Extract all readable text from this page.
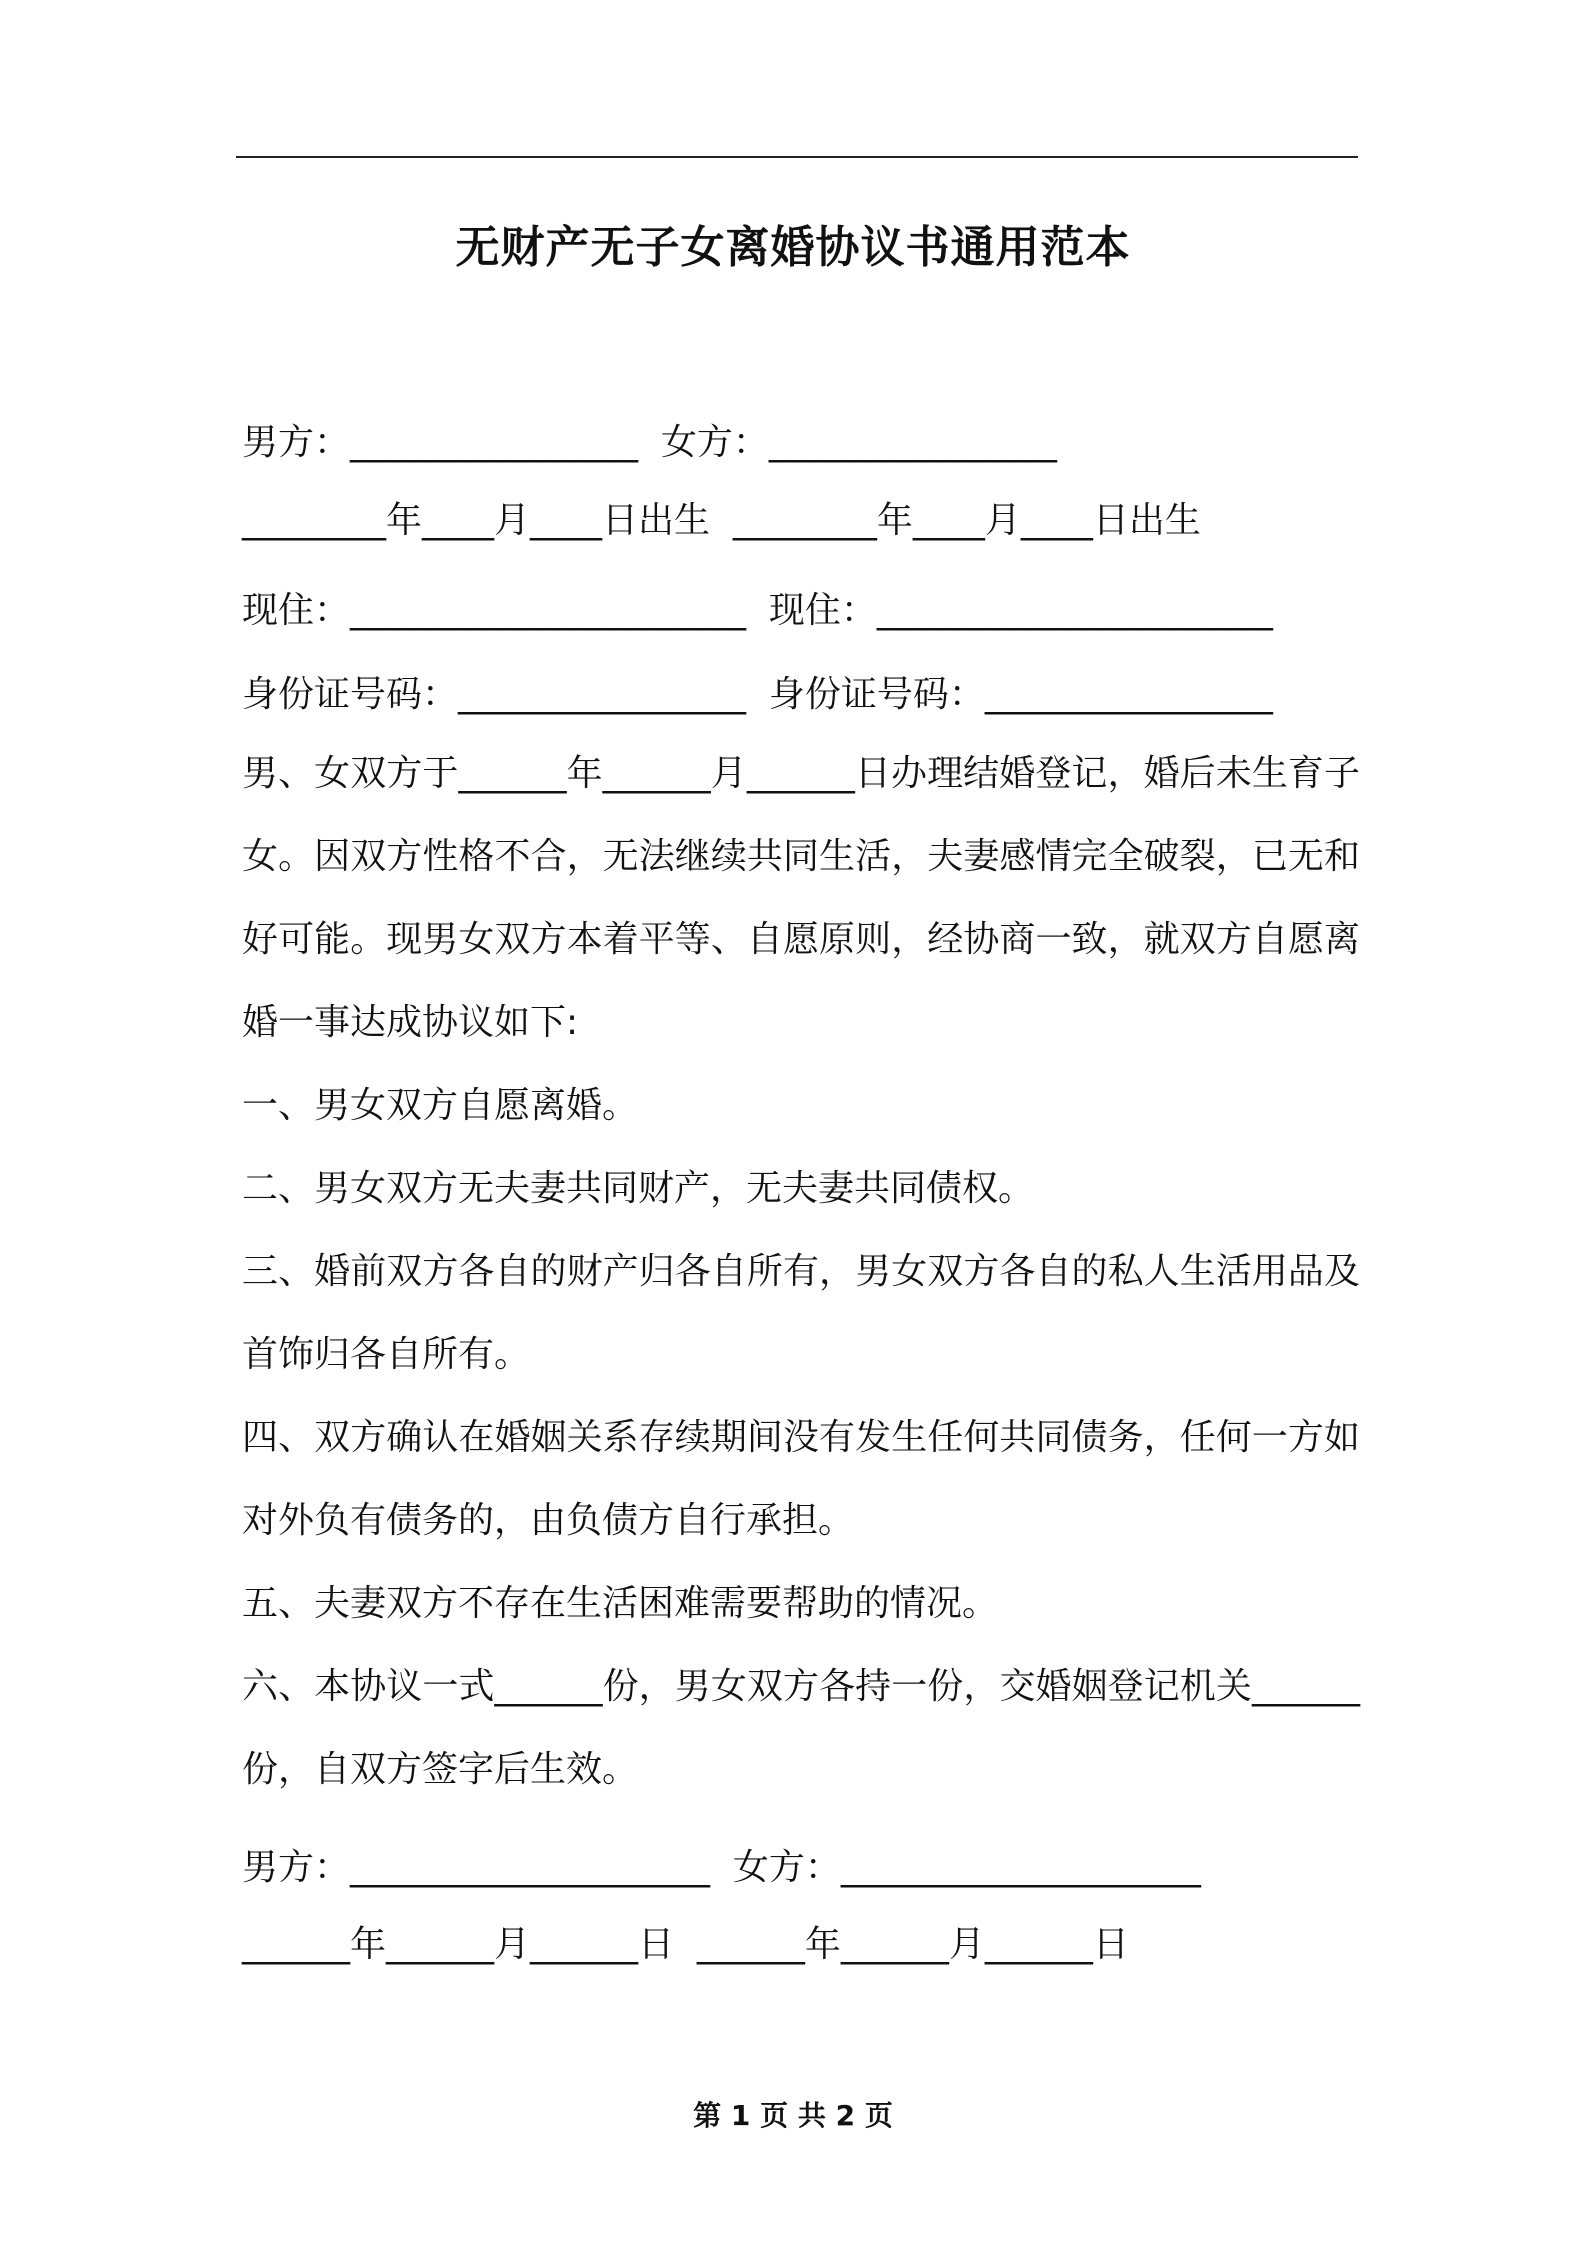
无财产无子女离婚协议书通用范本
男方：________________  女方：________________
________年____月____日出生  ________年____月____日出生
现住：______________________  现住：______________________
身份证号码：________________  身份证号码：________________
男、女双方于______年______月______日办理结婚登记，婚后未生育子女。因双方性格不合，无法继续共同生活，夫妻感情完全破裂，已无和好可能。现男女双方本着平等、自愿原则，经协商一致，就双方自愿离婚一事达成协议如下:
一、男女双方自愿离婚。
二、男女双方无夫妻共同财产，无夫妻共同债权。
三、婚前双方各自的财产归各自所有，男女双方各自的私人生活用品及首饰归各自所有。
四、双方确认在婚姻关系存续期间没有发生任何共同债务，任何一方如对外负有债务的，由负债方自行承担。
五、夫妻双方不存在生活困难需要帮助的情况。
六、本协议一式______份，男女双方各持一份，交婚姻登记机关______份，自双方签字后生效。
男方：____________________  女方：____________________
______年______月______日  ______年______月______日
第 1 页 共 2 页
